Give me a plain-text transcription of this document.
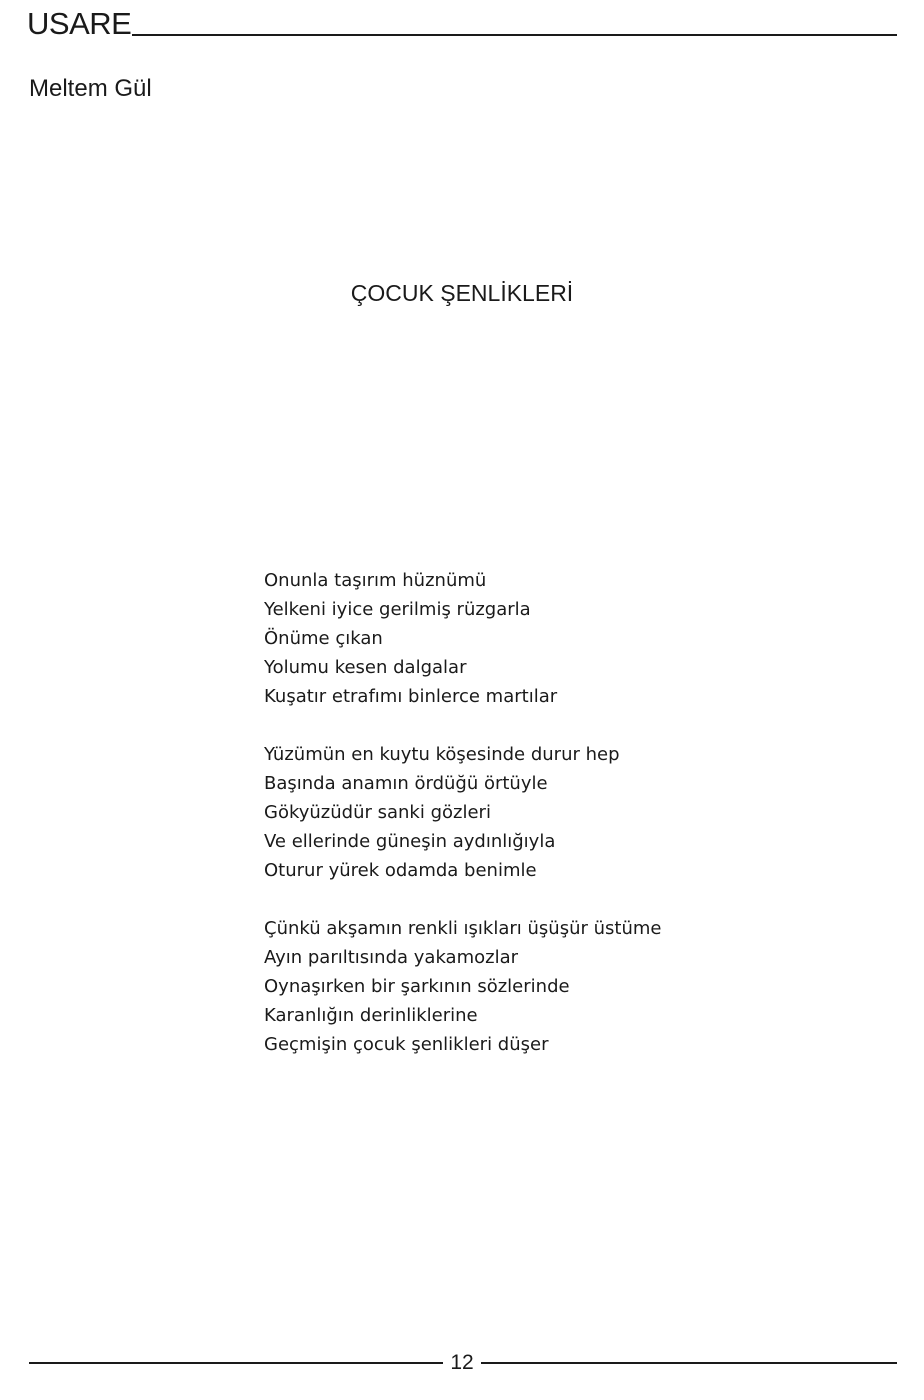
USARE
Meltem Gül
ÇOCUK ŞENLİKLERİ
Onunla taşırım hüznümü
Yelkeni iyice gerilmiş rüzgarla
Önüme çıkan
Yolumu kesen dalgalar
Kuşatır etrafımı binlerce martılar
Yüzümün en kuytu köşesinde durur hep
Başında anamın ördüğü örtüyle
Gökyüzüdür sanki gözleri
Ve ellerinde güneşin aydınlığıyla
Oturur yürek odamda benimle
Çünkü akşamın renkli ışıkları üşüşür üstüme
Ayın parıltısında yakamozlar
Oynaşırken bir şarkının sözlerinde
Karanlığın derinliklerine
Geçmişin çocuk şenlikleri düşer
12
